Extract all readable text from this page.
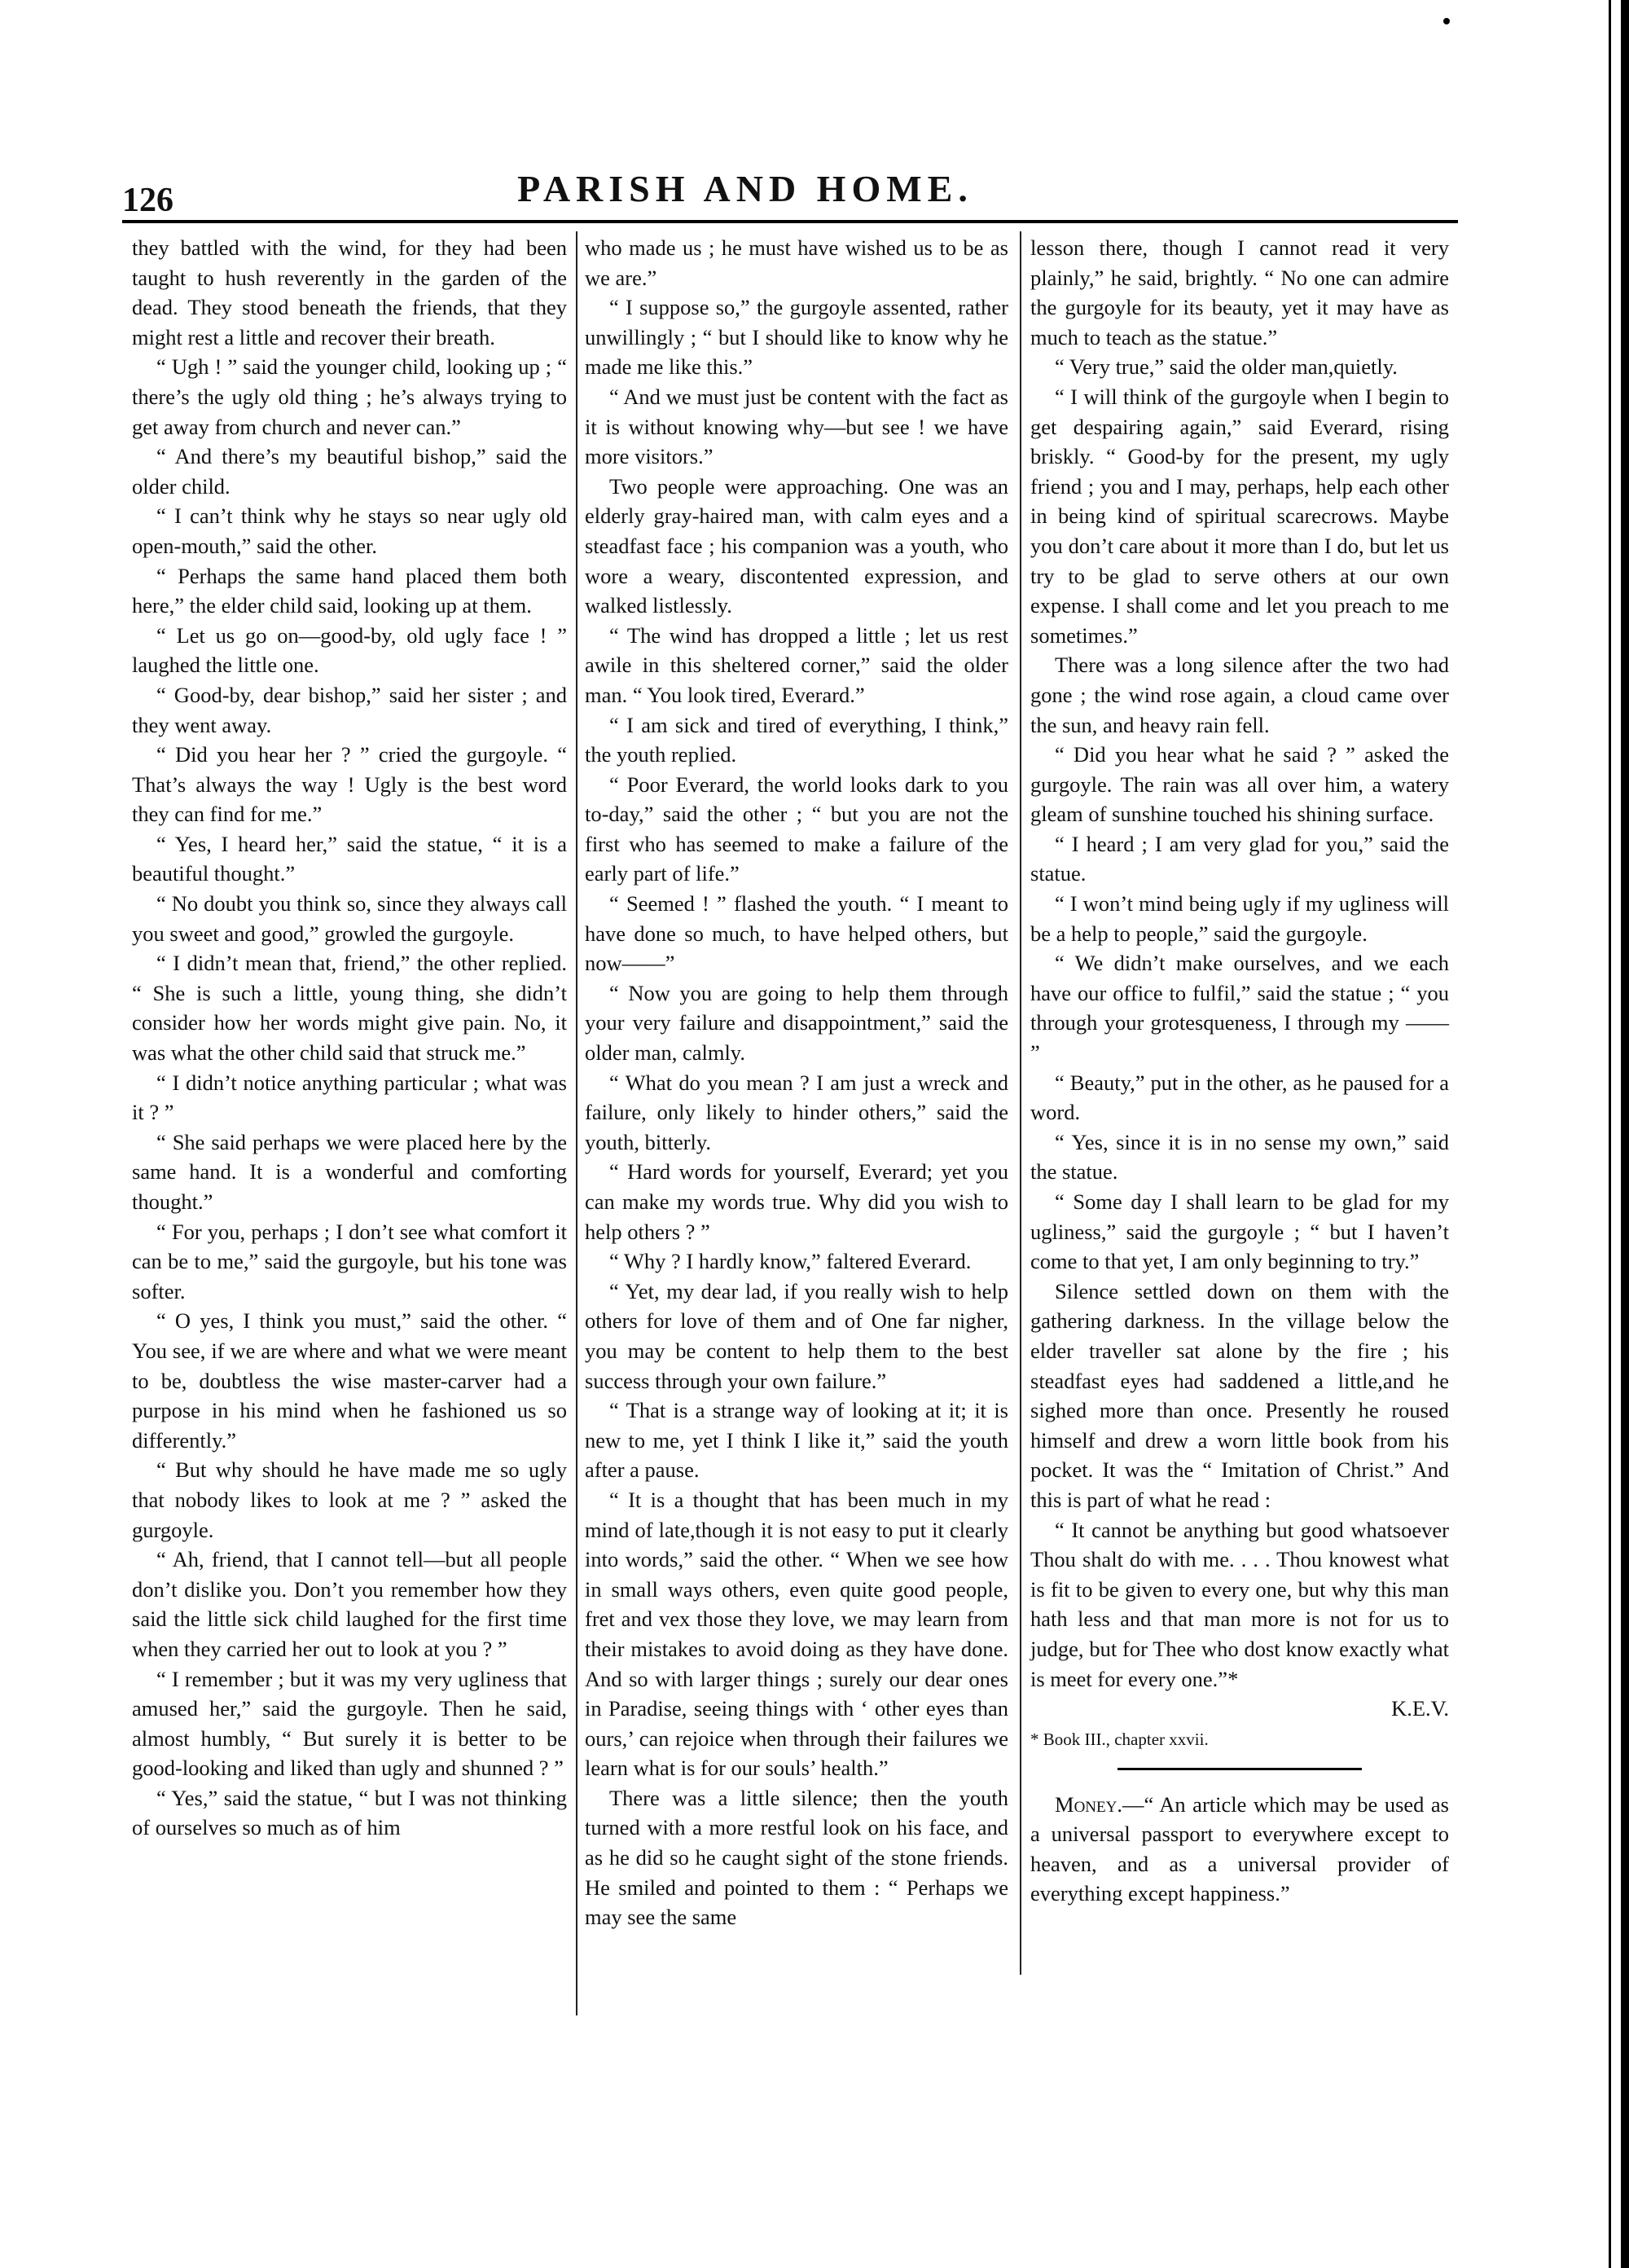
126	PARISH AND HOME.

they battled with the wind, for they had been taught to hush reverently in the garden of the dead. They stood beneath the friends, that they might rest a little and recover their breath.

“ Ugh ! ” said the younger child, looking up ; “ there’s the ugly old thing ; he’s always trying to get away from church and never can.”

“ And there’s my beautiful bishop,” said the older child.

“ I can’t think why he stays so near ugly old open-mouth,” said the other.

“ Perhaps the same hand placed them both here,” the elder child said, looking up at them.

“ Let us go on—good-by, old ugly face ! ” laughed the little one.

“ Good-by, dear bishop,” said her sister ; and they went away.

“ Did you hear her ? ” cried the gurgoyle. “ That’s always the way ! Ugly is the best word they can find for me.”

“ Yes, I heard her,” said the statue, “ it is a beautiful thought.”

“ No doubt you think so, since they always call you sweet and good,” growled the gurgoyle.

“ I didn’t mean that, friend,” the other replied. “ She is such a little, young thing, she didn’t consider how her words might give pain. No, it was what the other child said that struck me.”

“ I didn’t notice anything particular ; what was it ? ”

“ She said perhaps we were placed here by the same hand. It is a wonderful and comforting thought.”

“ For you, perhaps ; I don’t see what comfort it can be to me,” said the gurgoyle, but his tone was softer.

“ O yes, I think you must,” said the other. “ You see, if we are where and what we were meant to be, doubtless the wise master-carver had a purpose in his mind when he fashioned us so differently.”

“ But why should he have made me so ugly that nobody likes to look at me ? ” asked the gurgoyle.

“ Ah, friend, that I cannot tell—but all people don’t dislike you. Don’t you remember how they said the little sick child laughed for the first time when they carried her out to look at you ? ”

“ I remember ; but it was my very ugliness that amused her,” said the gurgoyle. Then he said, almost humbly, “ But surely it is better to be good-looking and liked than ugly and shunned ? ”

“ Yes,” said the statue, “ but I was not thinking of ourselves so much as of him

who made us ; he must have wished us to be as we are.”

“ I suppose so,” the gurgoyle assented, rather unwillingly ; “ but I should like to know why he made me like this.”

“ And we must just be content with the fact as it is without knowing why—but see ! we have more visitors.”

Two people were approaching. One was an elderly gray-haired man, with calm eyes and a steadfast face ; his companion was a youth, who wore a weary, discontented expression, and walked listlessly.

“ The wind has dropped a little ; let us rest awile in this sheltered corner,” said the older man. “ You look tired, Everard.”

“ I am sick and tired of everything, I think,” the youth replied.

“ Poor Everard, the world looks dark to you to-day,” said the other ; “ but you are not the first who has seemed to make a failure of the early part of life.”

“ Seemed ! ” flashed the youth. “ I meant to have done so much, to have helped others, but now——”

“ Now you are going to help them through your very failure and disappointment,” said the older man, calmly.

“ What do you mean ? I am just a wreck and failure, only likely to hinder others,” said the youth, bitterly.

“ Hard words for yourself, Everard; yet you can make my words true. Why did you wish to help others ? ”

“ Why ? I hardly know,” faltered Everard.

“ Yet, my dear lad, if you really wish to help others for love of them and of One far nigher, you may be content to help them to the best success through your own failure.”

“ That is a strange way of looking at it; it is new to me, yet I think I like it,” said the youth after a pause.

“ It is a thought that has been much in my mind of late,though it is not easy to put it clearly into words,” said the other. “ When we see how in small ways others, even quite good people, fret and vex those they love, we may learn from their mistakes to avoid doing as they have done. And so with larger things ; surely our dear ones in Paradise, seeing things with ‘ other eyes than ours,’ can rejoice when through their failures we learn what is for our souls’ health.”

There was a little silence; then the youth turned with a more restful look on his face, and as he did so he caught sight of the stone friends. He smiled and pointed to them : “ Perhaps we may see the same

lesson there, though I cannot read it very plainly,” he said, brightly. “ No one can admire the gurgoyle for its beauty, yet it may have as much to teach as the statue.”

“ Very true,” said the older man,quietly.

“ I will think of the gurgoyle when I begin to get despairing again,” said Everard, rising briskly. “ Good-by for the present, my ugly friend ; you and I may, perhaps, help each other in being kind of spiritual scarecrows. Maybe you don’t care about it more than I do, but let us try to be glad to serve others at our own expense. I shall come and let you preach to me sometimes.”

There was a long silence after the two had gone ; the wind rose again, a cloud came over the sun, and heavy rain fell.

“ Did you hear what he said ? ” asked the gurgoyle. The rain was all over him, a watery gleam of sunshine touched his shining surface.

“ I heard ; I am very glad for you,” said the statue.

“ I won’t mind being ugly if my ugliness will be a help to people,” said the gurgoyle.

“ We didn’t make ourselves, and we each have our office to fulfil,” said the statue ; “ you through your grotesqueness, I through my —— ”

“ Beauty,” put in the other, as he paused for a word.

“ Yes, since it is in no sense my own,” said the statue.

“ Some day I shall learn to be glad for my ugliness,” said the gurgoyle ; “ but I haven’t come to that yet, I am only beginning to try.”

Silence settled down on them with the gathering darkness. In the village below the elder traveller sat alone by the fire ; his steadfast eyes had saddened a little,and he sighed more than once. Presently he roused himself and drew a worn little book from his pocket. It was the “ Imitation of Christ.” And this is part of what he read :

“ It cannot be anything but good whatsoever Thou shalt do with me. . . . Thou knowest what is fit to be given to every one, but why this man hath less and that man more is not for us to judge, but for Thee who dost know exactly what is meet for every one.”*

K.E.V.

* Book III., chapter xxvii.

Money.—“ An article which may be used as a universal passport to everywhere except to heaven, and as a universal provider of everything except happiness.”
